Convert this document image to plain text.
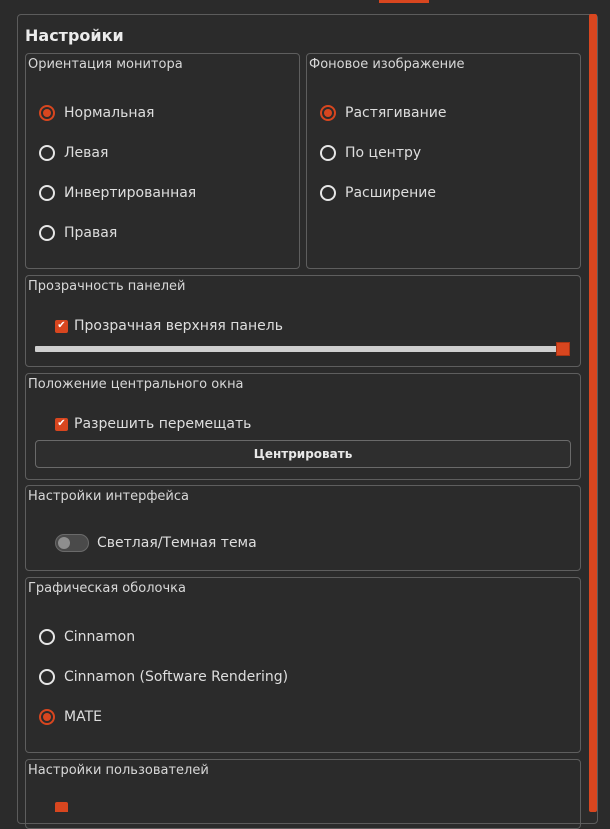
Настройки
Ориентация монитора
Нормальная
Левая
Инвертированная
Правая
Фоновое изображение
Растягивание
По центру
Расширение
Прозрачность панелей
✔ Прозрачная верхняя панель
Положение центрального окна
✔ Разрешить перемещать
Центрировать
Настройки интерфейса
Светлая/Темная тема
Графическая оболочка
Cinnamon
Cinnamon (Software Rendering)
MATE
Настройки пользователей
